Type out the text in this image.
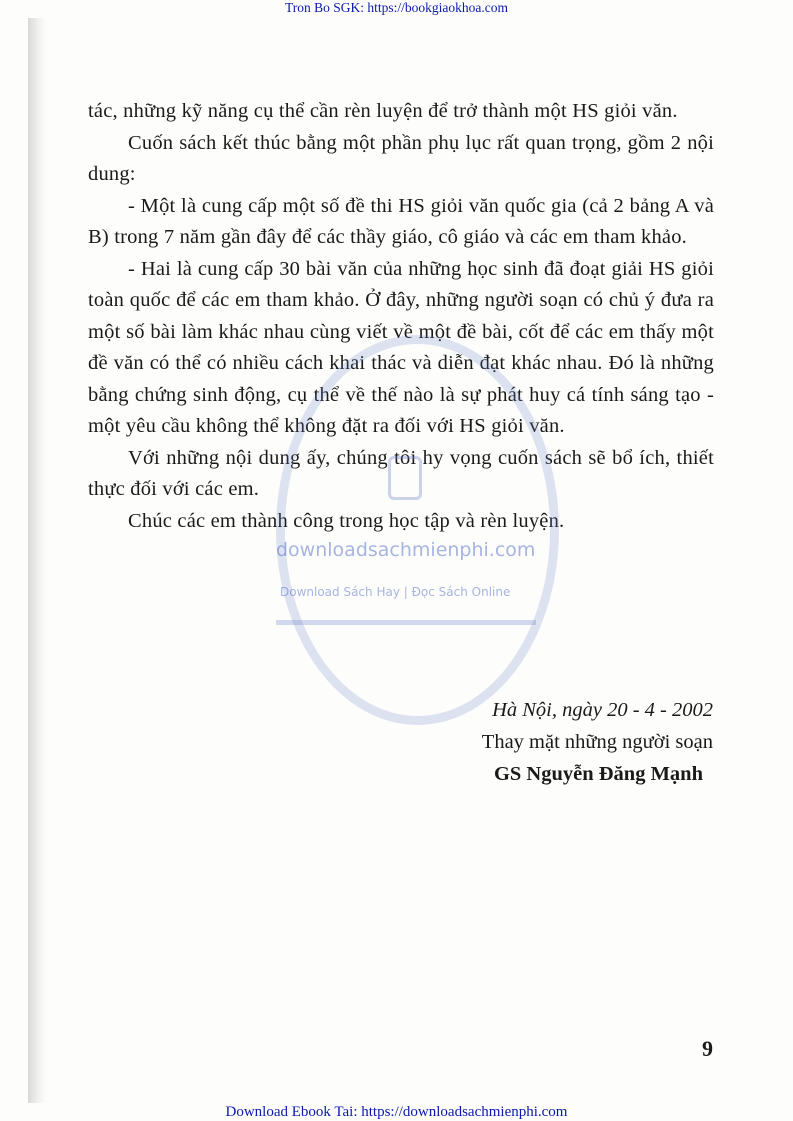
Tron Bo SGK: https://bookgiaokhoa.com

tác, những kỹ năng cụ thể cần rèn luyện để trở thành một HS giỏi văn.

Cuốn sách kết thúc bằng một phần phụ lục rất quan trọng, gồm 2 nội dung:

- Một là cung cấp một số đề thi HS giỏi văn quốc gia (cả 2 bảng A và B) trong 7 năm gần đây để các thầy giáo, cô giáo và các em tham khảo.

- Hai là cung cấp 30 bài văn của những học sinh đã đoạt giải HS giỏi toàn quốc để các em tham khảo. Ở đây, những người soạn có chủ ý đưa ra một số bài làm khác nhau cùng viết về một đề bài, cốt để các em thấy một đề văn có thể có nhiều cách khai thác và diễn đạt khác nhau. Đó là những bằng chứng sinh động, cụ thể về thế nào là sự phát huy cá tính sáng tạo - một yêu cầu không thể không đặt ra đối với HS giỏi văn.

Với những nội dung ấy, chúng tôi hy vọng cuốn sách sẽ bổ ích, thiết thực đối với các em.

Chúc các em thành công trong học tập và rèn luyện.

downloadsachmienphi.com
Download Sách Hay | Đọc Sách Online
Hà Nội, ngày 20 - 4 - 2002
Thay mặt những người soạn
GS Nguyễn Đăng Mạnh
9
Download Ebook Tai: https://downloadsachmienphi.com
